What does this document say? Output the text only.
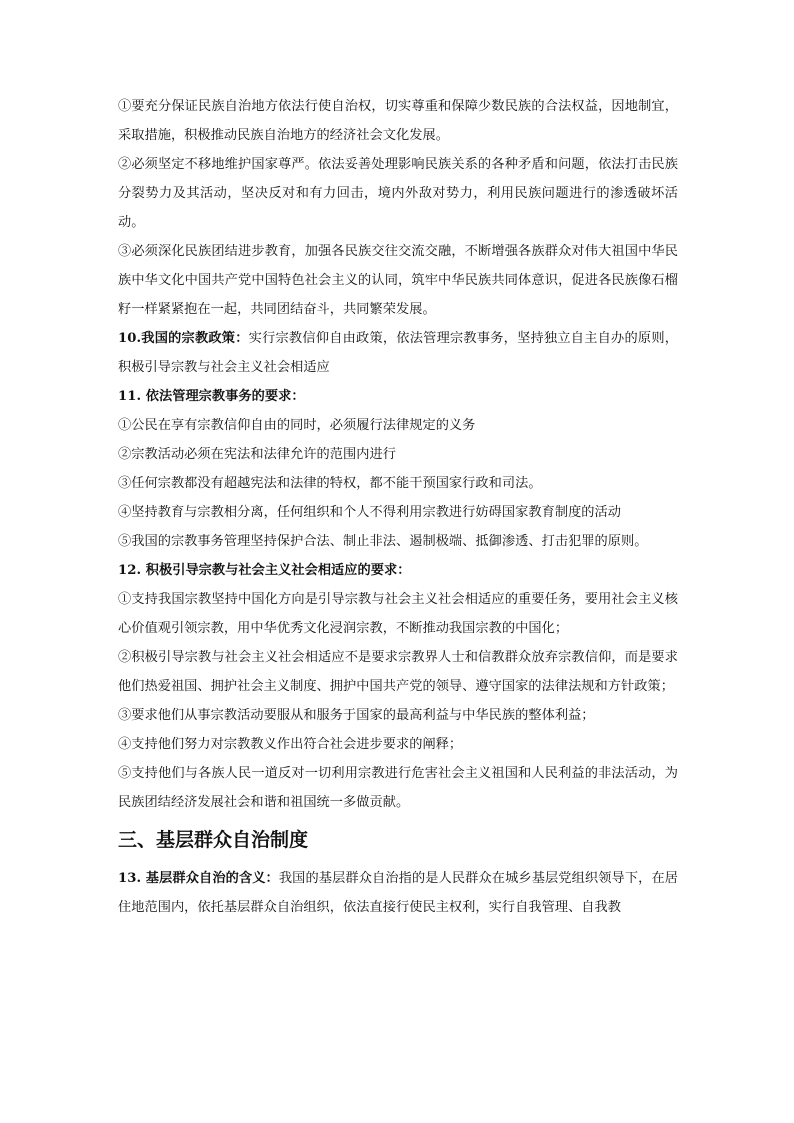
①要充分保证民族自治地方依法行使自治权，切实尊重和保障少数民族的合法权益，因地制宜，采取措施，积极推动民族自治地方的经济社会文化发展。

②必须坚定不移地维护国家尊严。依法妥善处理影响民族关系的各种矛盾和问题，依法打击民族分裂势力及其活动，坚决反对和有力回击，境内外敌对势力，利用民族问题进行的渗透破坏活动。

③必须深化民族团结进步教育，加强各民族交往交流交融，不断增强各族群众对伟大祖国中华民族中华文化中国共产党中国特色社会主义的认同，筑牢中华民族共同体意识，促进各民族像石榴籽一样紧紧抱在一起，共同团结奋斗，共同繁荣发展。

10.我国的宗教政策：实行宗教信仰自由政策，依法管理宗教事务，坚持独立自主自办的原则，积极引导宗教与社会主义社会相适应

11. 依法管理宗教事务的要求：

①公民在享有宗教信仰自由的同时，必须履行法律规定的义务

②宗教活动必须在宪法和法律允许的范围内进行

③任何宗教都没有超越宪法和法律的特权，都不能干预国家行政和司法。

④坚持教育与宗教相分离，任何组织和个人不得利用宗教进行妨碍国家教育制度的活动

⑤我国的宗教事务管理坚持保护合法、制止非法、遏制极端、抵御渗透、打击犯罪的原则。

12. 积极引导宗教与社会主义社会相适应的要求：

①支持我国宗教坚持中国化方向是引导宗教与社会主义社会相适应的重要任务，要用社会主义核心价值观引领宗教，用中华优秀文化浸润宗教，不断推动我国宗教的中国化；

②积极引导宗教与社会主义社会相适应不是要求宗教界人士和信教群众放弃宗教信仰，而是要求他们热爱祖国、拥护社会主义制度、拥护中国共产党的领导、遵守国家的法律法规和方针政策；

③要求他们从事宗教活动要服从和服务于国家的最高利益与中华民族的整体利益；

④支持他们努力对宗教教义作出符合社会进步要求的阐释；

⑤支持他们与各族人民一道反对一切利用宗教进行危害社会主义祖国和人民利益的非法活动，为民族团结经济发展社会和谐和祖国统一多做贡献。

三、基层群众自治制度

13. 基层群众自治的含义：我国的基层群众自治指的是人民群众在城乡基层党组织领导下，在居住地范围内，依托基层群众自治组织，依法直接行使民主权利，实行自我管理、自我教
